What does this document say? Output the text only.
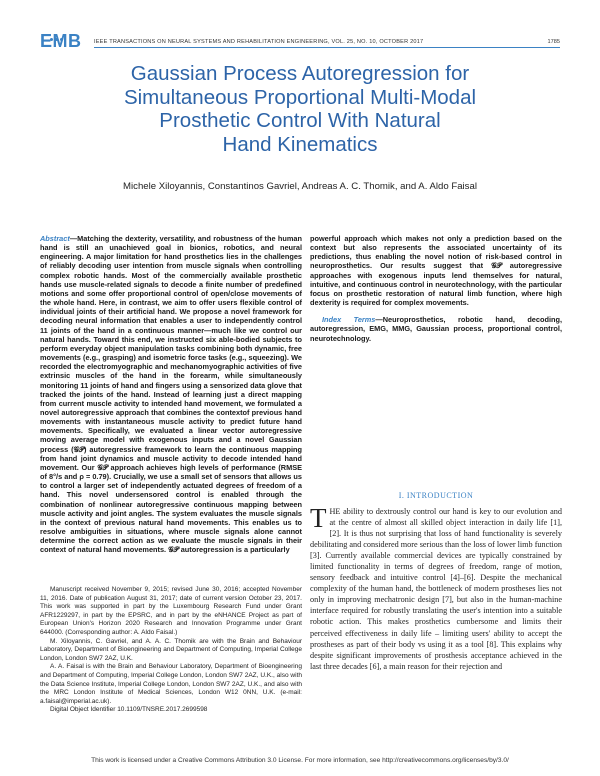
EMB IEEE TRANSACTIONS ON NEURAL SYSTEMS AND REHABILITATION ENGINEERING, VOL. 25, NO. 10, OCTOBER 2017	1785
Gaussian Process Autoregression for
Simultaneous Proportional Multi-Modal
Prosthetic Control With Natural
Hand Kinematics
Michele Xiloyannis, Constantinos Gavriel, Andreas A. C. Thomik, and A. Aldo Faisal

Abstract—Matching the dexterity, versatility, and robustness of the human hand is still an unachieved goal in bionics, robotics, and neural engineering. A major limitation for hand prosthetics lies in the challenges of reliably decoding user intention from muscle signals when controlling complex robotic hands. Most of the commercially available prosthetic hands use muscle-related signals to decode a finite number of predefined motions and some offer proportional control of open/close movements of the whole hand. Here, in contrast, we aim to offer users flexible control of individual joints of their artificial hand. We propose a novel framework for decoding neural information that enables a user to independently control 11 joints of the hand in a continuous manner—much like we control our natural hands. Toward this end, we instructed six able-bodied subjects to perform everyday object manipulation tasks combining both dynamic, free movements (e.g., grasping) and isometric force tasks (e.g., squeezing). We recorded the electromyographic and mechanomyographic activities of five extrinsic muscles of the hand in the forearm, while simultaneously monitoring 11 joints of hand and fingers using a sensorized data glove that tracked the joints of the hand. Instead of learning just a direct mapping from current muscle activity to intended hand movement, we formulated a novel autoregressive approach that combines the contextof previous hand movements with instantaneous muscle activity to predict future hand movements. Specifically, we evaluated a linear vector autoregressive moving average model with exogenous inputs and a novel Gaussian process (𝒢𝒫) autoregressive framework to learn the continuous mapping from hand joint dynamics and muscle activity to decode intended hand movement. Our 𝒢𝒫 approach achieves high levels of performance (RMSE of 8°/s and ρ = 0.79). Crucially, we use a small set of sensors that allows us to control a larger set of independently actuated degrees of freedom of a hand. This novel undersensored control is enabled through the combination of nonlinear autoregressive continuous mapping between muscle activity and joint angles. The system evaluates the muscle signals in the context of previous natural hand movements. This enables us to resolve ambiguities in situations, where muscle signals alone cannot determine the correct action as we evaluate the muscle signals in their context of natural hand movements. 𝒢𝒫 autoregression is a particularly

Manuscript received November 9, 2015; revised June 30, 2016; accepted November 11, 2016. Date of publication August 31, 2017; date of current version October 23, 2017. This work was supported in part by the Luxembourg Research Fund under Grant AFR1229297, in part by the EPSRC, and in part by the eNHANCE Project as part of European Union's Horizon 2020 Research and Innovation Programme under Grant 644000. (Corresponding author: A. Aldo Faisal.)

M. Xiloyannis, C. Gavriel, and A. A. C. Thomik are with the Brain and Behaviour Laboratory, Department of Bioengineering and Department of Computing, Imperial College London, London SW7 2AZ, U.K.

A. A. Faisal is with the Brain and Behaviour Laboratory, Department of Bioengineering and Department of Computing, Imperial College London, London SW7 2AZ, U.K., also with the Data Science Institute, Imperial College London, London SW7 2AZ, U.K., and also with the MRC London Institute of Medical Sciences, London W12 0NN, U.K. (e-mail: a.faisal@imperial.ac.uk).

Digital Object Identifier 10.1109/TNSRE.2017.2699598

powerful approach which makes not only a prediction based on the context but also represents the associated uncertainty of its predictions, thus enabling the novel notion of risk-based control in neuroprosthetics. Our results suggest that 𝒢𝒫 autoregressive approaches with exogenous inputs lend themselves for natural, intuitive, and continuous control in neurotechnology, with the particular focus on prosthetic restoration of natural limb function, where high dexterity is required for complex movements.

Index Terms—Neuroprosthetics, robotic hand, decoding, autoregression, EMG, MMG, Gaussian process, proportional control, neurotechnology.

I. INTRODUCTION

THE ability to dextrously control our hand is key to our evolution and at the centre of almost all skilled object interaction in daily life [1], [2]. It is thus not surprising that loss of hand functionality is severely debilitating and considered more serious than the loss of lower limb function [3]. Currently available commercial devices are typically constrained by limited functionality in terms of degrees of freedom, range of motion, sensory feedback and intuitive control [4]–[6]. Despite the mechanical complexity of the human hand, the bottleneck of modern prostheses lies not only in improving mechatronic design [7], but also in the human-machine interface required for robustly translating the user's intention into a suitable robotic action. This makes prosthetics cumbersome and limits their perceived effectiveness in daily life – limiting users' ability to accept the prostheses as part of their body vs using it as a tool [8]. This explains why despite significant improvements of prosthesis acceptance achieved in the last three decades [6], a main reason for their rejection and

This work is licensed under a Creative Commons Attribution 3.0 License. For more information, see http://creativecommons.org/licenses/by/3.0/
